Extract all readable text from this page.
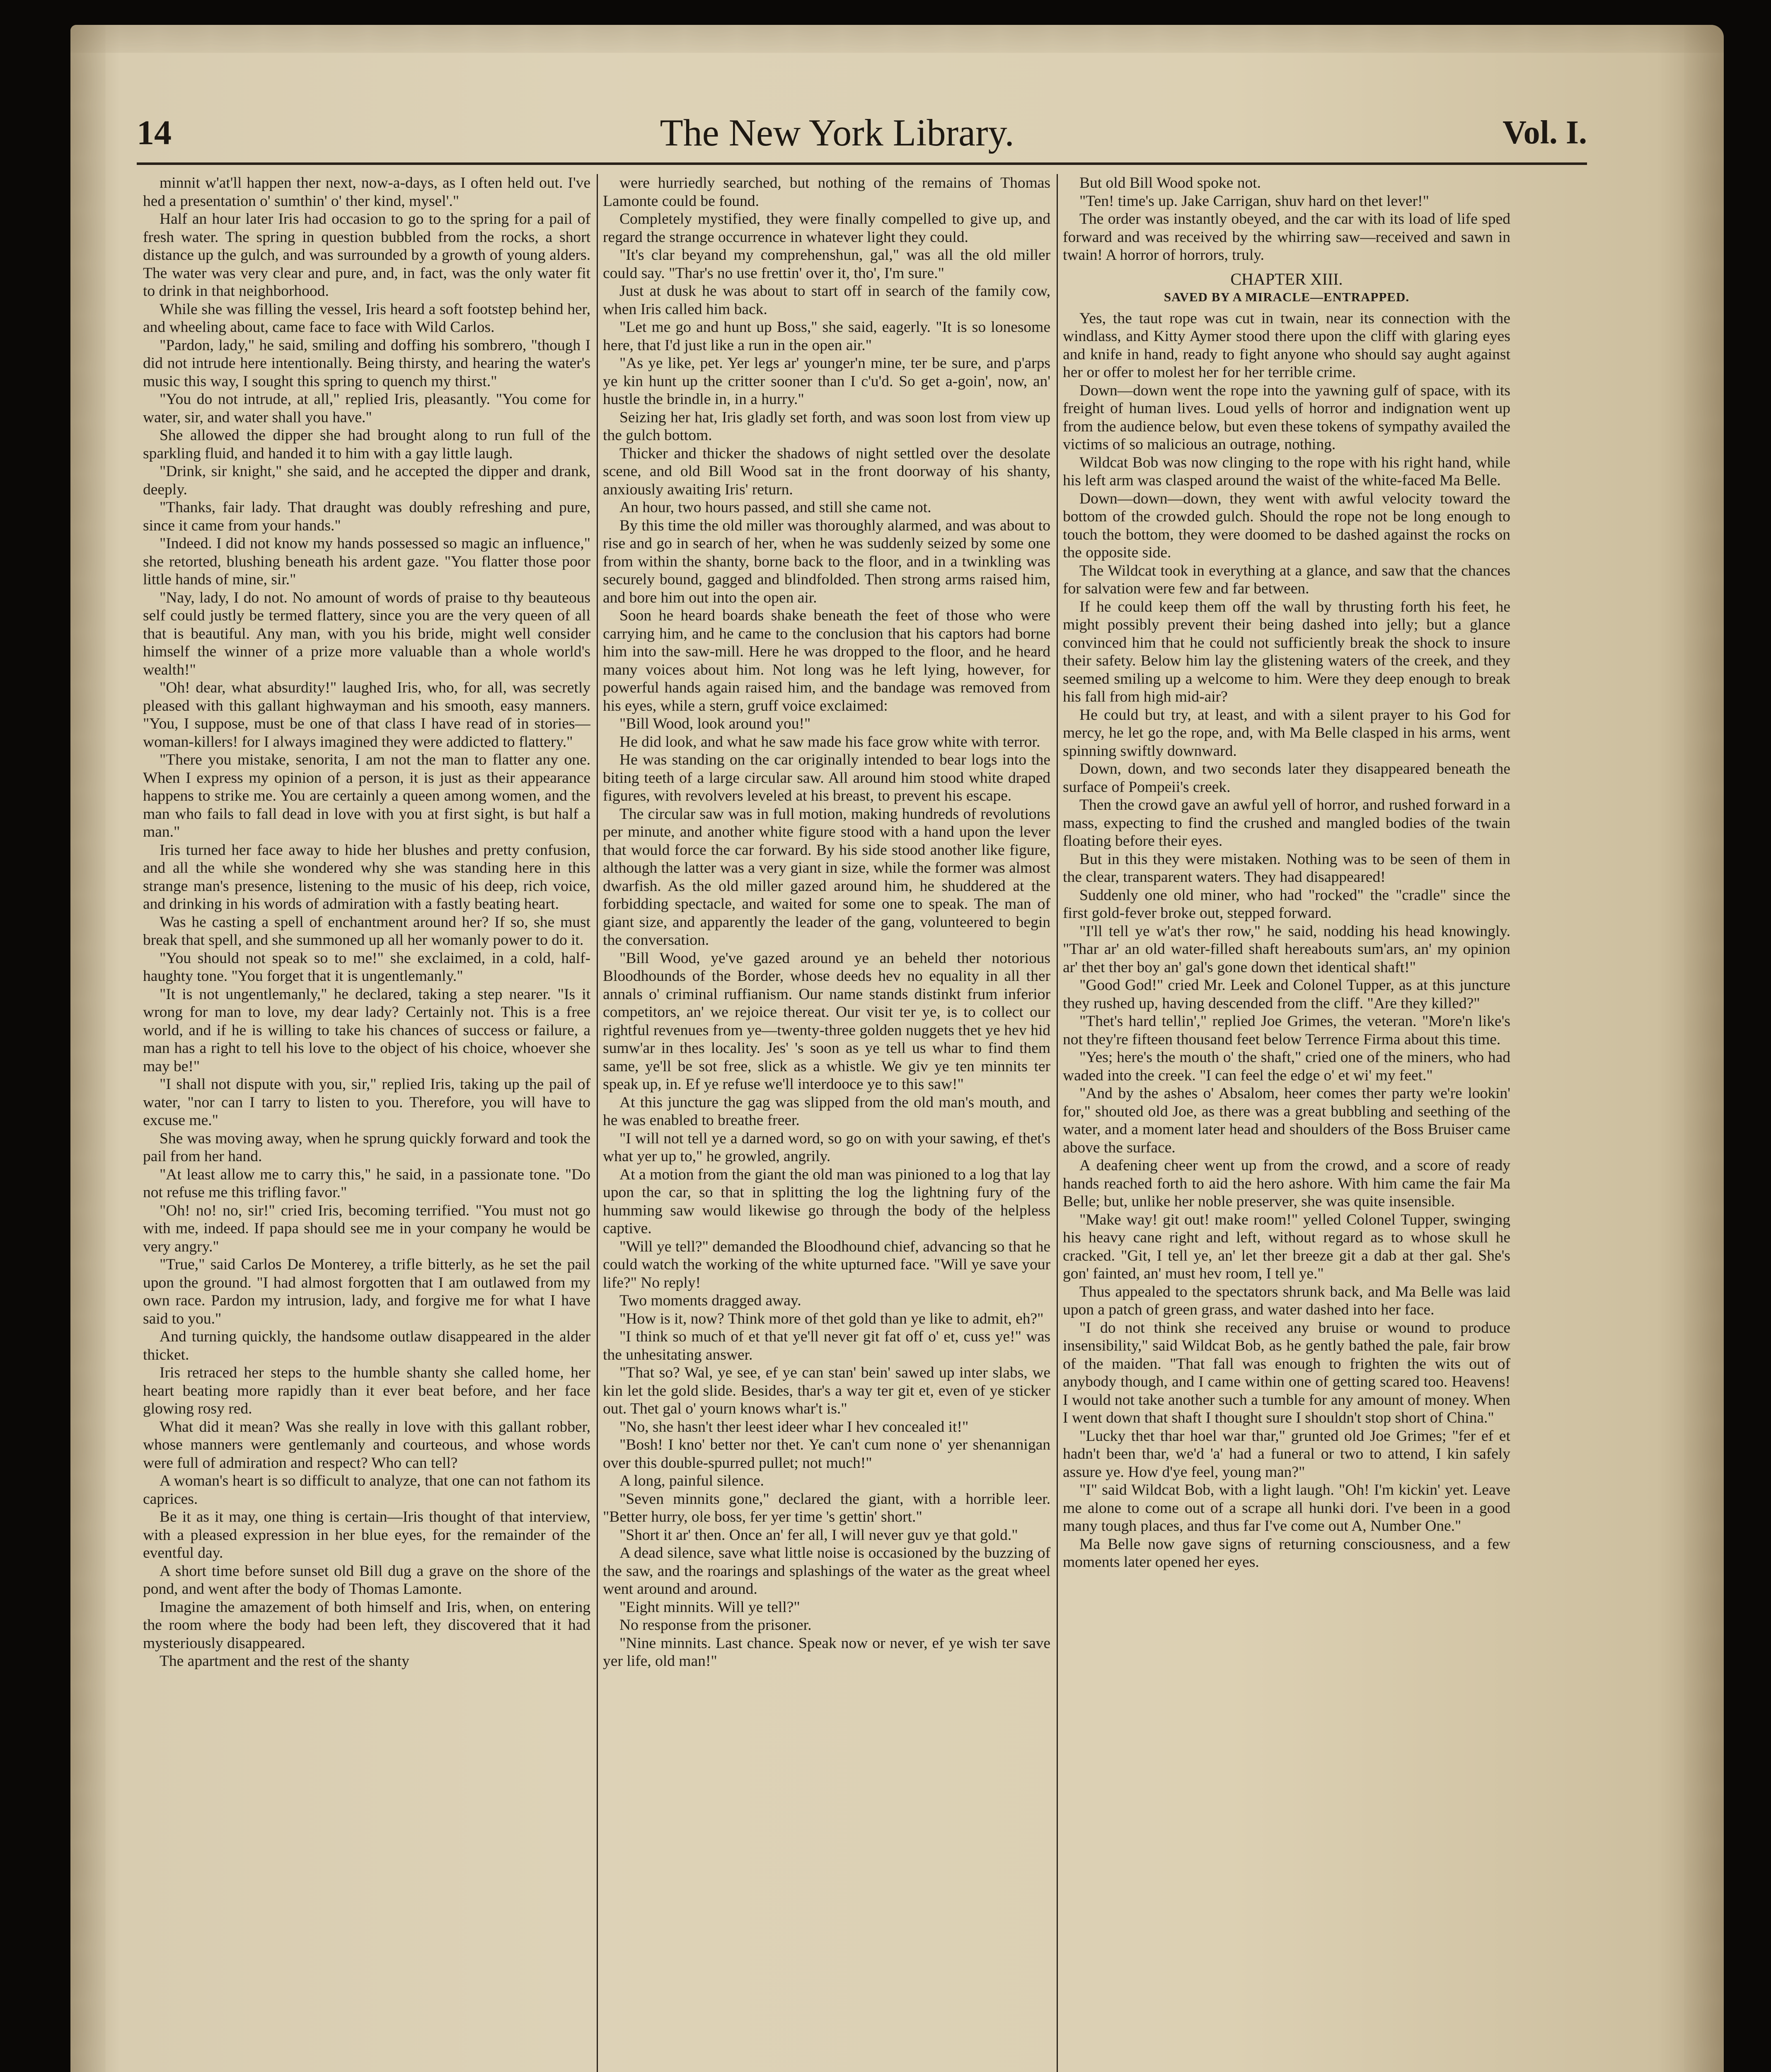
14	The New York Library.	Vol. I.

minnit w'at'll happen ther next, now-a-days, as I often held out. I've hed a presentation o' sumthin' o' ther kind, mysel'."

Half an hour later Iris had occasion to go to the spring for a pail of fresh water. The spring in question bubbled from the rocks, a short distance up the gulch, and was surrounded by a growth of young alders. The water was very clear and pure, and, in fact, was the only water fit to drink in that neighborhood.

While she was filling the vessel, Iris heard a soft footstep behind her, and wheeling about, came face to face with Wild Carlos.

"Pardon, lady," he said, smiling and doffing his sombrero, "though I did not intrude here intentionally. Being thirsty, and hearing the water's music this way, I sought this spring to quench my thirst."

"You do not intrude, at all," replied Iris, pleasantly. "You come for water, sir, and water shall you have."

She allowed the dipper she had brought along to run full of the sparkling fluid, and handed it to him with a gay little laugh.

"Drink, sir knight," she said, and he accepted the dipper and drank, deeply.

"Thanks, fair lady. That draught was doubly refreshing and pure, since it came from your hands."

"Indeed. I did not know my hands possessed so magic an influence," she retorted, blushing beneath his ardent gaze. "You flatter those poor little hands of mine, sir."

"Nay, lady, I do not. No amount of words of praise to thy beauteous self could justly be termed flattery, since you are the very queen of all that is beautiful. Any man, with you his bride, might well consider himself the winner of a prize more valuable than a whole world's wealth!"

"Oh! dear, what absurdity!" laughed Iris, who, for all, was secretly pleased with this gallant highwayman and his smooth, easy manners. "You, I suppose, must be one of that class I have read of in stories—woman-killers! for I always imagined they were addicted to flattery."

"There you mistake, senorita, I am not the man to flatter any one. When I express my opinion of a person, it is just as their appearance happens to strike me. You are certainly a queen among women, and the man who fails to fall dead in love with you at first sight, is but half a man."

Iris turned her face away to hide her blushes and pretty confusion, and all the while she wondered why she was standing here in this strange man's presence, listening to the music of his deep, rich voice, and drinking in his words of admiration with a fastly beating heart.

Was he casting a spell of enchantment around her? If so, she must break that spell, and she summoned up all her womanly power to do it.

"You should not speak so to me!" she exclaimed, in a cold, half-haughty tone. "You forget that it is ungentlemanly."

"It is not ungentlemanly," he declared, taking a step nearer. "Is it wrong for man to love, my dear lady? Certainly not. This is a free world, and if he is willing to take his chances of success or failure, a man has a right to tell his love to the object of his choice, whoever she may be!"

"I shall not dispute with you, sir," replied Iris, taking up the pail of water, "nor can I tarry to listen to you. Therefore, you will have to excuse me."

She was moving away, when he sprung quickly forward and took the pail from her hand.

"At least allow me to carry this," he said, in a passionate tone. "Do not refuse me this trifling favor."

"Oh! no! no, sir!" cried Iris, becoming terrified. "You must not go with me, indeed. If papa should see me in your company he would be very angry."

"True," said Carlos De Monterey, a trifle bitterly, as he set the pail upon the ground. "I had almost forgotten that I am outlawed from my own race. Pardon my intrusion, lady, and forgive me for what I have said to you."

And turning quickly, the handsome outlaw disappeared in the alder thicket.

Iris retraced her steps to the humble shanty she called home, her heart beating more rapidly than it ever beat before, and her face glowing rosy red.

What did it mean? Was she really in love with this gallant robber, whose manners were gentlemanly and courteous, and whose words were full of admiration and respect? Who can tell?

A woman's heart is so difficult to analyze, that one can not fathom its caprices.

Be it as it may, one thing is certain—Iris thought of that interview, with a pleased expression in her blue eyes, for the remainder of the eventful day.

A short time before sunset old Bill dug a grave on the shore of the pond, and went after the body of Thomas Lamonte.

Imagine the amazement of both himself and Iris, when, on entering the room where the body had been left, they discovered that it had mysteriously disappeared.

The apartment and the rest of the shanty

were hurriedly searched, but nothing of the remains of Thomas Lamonte could be found.

Completely mystified, they were finally compelled to give up, and regard the strange occurrence in whatever light they could.

"It's clar beyand my comprehenshun, gal," was all the old miller could say. "Thar's no use frettin' over it, tho', I'm sure."

Just at dusk he was about to start off in search of the family cow, when Iris called him back.

"Let me go and hunt up Boss," she said, eagerly. "It is so lonesome here, that I'd just like a run in the open air."

"As ye like, pet. Yer legs ar' younger'n mine, ter be sure, and p'arps ye kin hunt up the critter sooner than I c'u'd. So get a-goin', now, an' hustle the brindle in, in a hurry."

Seizing her hat, Iris gladly set forth, and was soon lost from view up the gulch bottom.

Thicker and thicker the shadows of night settled over the desolate scene, and old Bill Wood sat in the front doorway of his shanty, anxiously awaiting Iris' return.

An hour, two hours passed, and still she came not.

By this time the old miller was thoroughly alarmed, and was about to rise and go in search of her, when he was suddenly seized by some one from within the shanty, borne back to the floor, and in a twinkling was securely bound, gagged and blindfolded. Then strong arms raised him, and bore him out into the open air.

Soon he heard boards shake beneath the feet of those who were carrying him, and he came to the conclusion that his captors had borne him into the saw-mill. Here he was dropped to the floor, and he heard many voices about him. Not long was he left lying, however, for powerful hands again raised him, and the bandage was removed from his eyes, while a stern, gruff voice exclaimed:

"Bill Wood, look around you!"

He did look, and what he saw made his face grow white with terror.

He was standing on the car originally intended to bear logs into the biting teeth of a large circular saw. All around him stood white draped figures, with revolvers leveled at his breast, to prevent his escape.

The circular saw was in full motion, making hundreds of revolutions per minute, and another white figure stood with a hand upon the lever that would force the car forward. By his side stood another like figure, although the latter was a very giant in size, while the former was almost dwarfish. As the old miller gazed around him, he shuddered at the forbidding spectacle, and waited for some one to speak. The man of giant size, and apparently the leader of the gang, volunteered to begin the conversation.

"Bill Wood, ye've gazed around ye an beheld ther notorious Bloodhounds of the Border, whose deeds hev no equality in all ther annals o' criminal ruffianism. Our name stands distinkt frum inferior competitors, an' we rejoice thereat. Our visit ter ye, is to collect our rightful revenues from ye—twenty-three golden nuggets thet ye hev hid sumw'ar in thes locality. Jes' 's soon as ye tell us whar to find them same, ye'll be sot free, slick as a whistle. We giv ye ten minnits ter speak up, in. Ef ye refuse we'll interdooce ye to this saw!"

At this juncture the gag was slipped from the old man's mouth, and he was enabled to breathe freer.

"I will not tell ye a darned word, so go on with your sawing, ef thet's what yer up to," he growled, angrily.

At a motion from the giant the old man was pinioned to a log that lay upon the car, so that in splitting the log the lightning fury of the humming saw would likewise go through the body of the helpless captive.

"Will ye tell?" demanded the Bloodhound chief, advancing so that he could watch the working of the white upturned face. "Will ye save your life?" No reply!

Two moments dragged away.

"How is it, now? Think more of thet gold than ye like to admit, eh?"

"I think so much of et that ye'll never git fat off o' et, cuss ye!" was the unhesitating answer.

"That so? Wal, ye see, ef ye can stan' bein' sawed up inter slabs, we kin let the gold slide. Besides, thar's a way ter git et, even of ye sticker out. Thet gal o' yourn knows whar't is."

"No, she hasn't ther leest ideer whar I hev concealed it!"

"Bosh! I kno' better nor thet. Ye can't cum none o' yer shenannigan over this double-spurred pullet; not much!"

A long, painful silence.

"Seven minnits gone," declared the giant, with a horrible leer. "Better hurry, ole boss, fer yer time 's gettin' short."

"Short it ar' then. Once an' fer all, I will never guv ye that gold."

A dead silence, save what little noise is occasioned by the buzzing of the saw, and the roarings and splashings of the water as the great wheel went around and around.

"Eight minnits. Will ye tell?"

No response from the prisoner.

"Nine minnits. Last chance. Speak now or never, ef ye wish ter save yer life, old man!"

But old Bill Wood spoke not.

"Ten! time's up. Jake Carrigan, shuv hard on thet lever!"

The order was instantly obeyed, and the car with its load of life sped forward and was received by the whirring saw—received and sawn in twain! A horror of horrors, truly.

CHAPTER XIII.

SAVED BY A MIRACLE—ENTRAPPED.

Yes, the taut rope was cut in twain, near its connection with the windlass, and Kitty Aymer stood there upon the cliff with glaring eyes and knife in hand, ready to fight anyone who should say aught against her or offer to molest her for her terrible crime.

Down—down went the rope into the yawning gulf of space, with its freight of human lives. Loud yells of horror and indignation went up from the audience below, but even these tokens of sympathy availed the victims of so malicious an outrage, nothing.

Wildcat Bob was now clinging to the rope with his right hand, while his left arm was clasped around the waist of the white-faced Ma Belle.

Down—down—down, they went with awful velocity toward the bottom of the crowded gulch. Should the rope not be long enough to touch the bottom, they were doomed to be dashed against the rocks on the opposite side.

The Wildcat took in everything at a glance, and saw that the chances for salvation were few and far between.

If he could keep them off the wall by thrusting forth his feet, he might possibly prevent their being dashed into jelly; but a glance convinced him that he could not sufficiently break the shock to insure their safety. Below him lay the glistening waters of the creek, and they seemed smiling up a welcome to him. Were they deep enough to break his fall from high mid-air?

He could but try, at least, and with a silent prayer to his God for mercy, he let go the rope, and, with Ma Belle clasped in his arms, went spinning swiftly downward.

Down, down, and two seconds later they disappeared beneath the surface of Pompeii's creek.

Then the crowd gave an awful yell of horror, and rushed forward in a mass, expecting to find the crushed and mangled bodies of the twain floating before their eyes.

But in this they were mistaken. Nothing was to be seen of them in the clear, transparent waters. They had disappeared!

Suddenly one old miner, who had "rocked" the "cradle" since the first gold-fever broke out, stepped forward.

"I'll tell ye w'at's ther row," he said, nodding his head knowingly. "Thar ar' an old water-filled shaft hereabouts sum'ars, an' my opinion ar' thet ther boy an' gal's gone down thet identical shaft!"

"Good God!" cried Mr. Leek and Colonel Tupper, as at this juncture they rushed up, having descended from the cliff. "Are they killed?"

"Thet's hard tellin'," replied Joe Grimes, the veteran. "More'n like's not they're fifteen thousand feet below Terrence Firma about this time.

"Yes; here's the mouth o' the shaft," cried one of the miners, who had waded into the creek. "I can feel the edge o' et wi' my feet."

"And by the ashes o' Absalom, heer comes ther party we're lookin' for," shouted old Joe, as there was a great bubbling and seething of the water, and a moment later head and shoulders of the Boss Bruiser came above the surface.

A deafening cheer went up from the crowd, and a score of ready hands reached forth to aid the hero ashore. With him came the fair Ma Belle; but, unlike her noble preserver, she was quite insensible.

"Make way! git out! make room!" yelled Colonel Tupper, swinging his heavy cane right and left, without regard as to whose skull he cracked. "Git, I tell ye, an' let ther breeze git a dab at ther gal. She's gon' fainted, an' must hev room, I tell ye."

Thus appealed to the spectators shrunk back, and Ma Belle was laid upon a patch of green grass, and water dashed into her face.

"I do not think she received any bruise or wound to produce insensibility," said Wildcat Bob, as he gently bathed the pale, fair brow of the maiden. "That fall was enough to frighten the wits out of anybody though, and I came within one of getting scared too. Heavens! I would not take another such a tumble for any amount of money. When I went down that shaft I thought sure I shouldn't stop short of China."

"Lucky thet thar hoel war thar," grunted old Joe Grimes; "fer ef et hadn't been thar, we'd 'a' had a funeral or two to attend, I kin safely assure ye. How d'ye feel, young man?"

"I" said Wildcat Bob, with a light laugh. "Oh! I'm kickin' yet. Leave me alone to come out of a scrape all hunki dori. I've been in a good many tough places, and thus far I've come out A, Number One."

Ma Belle now gave signs of returning consciousness, and a few moments later opened her eyes.
